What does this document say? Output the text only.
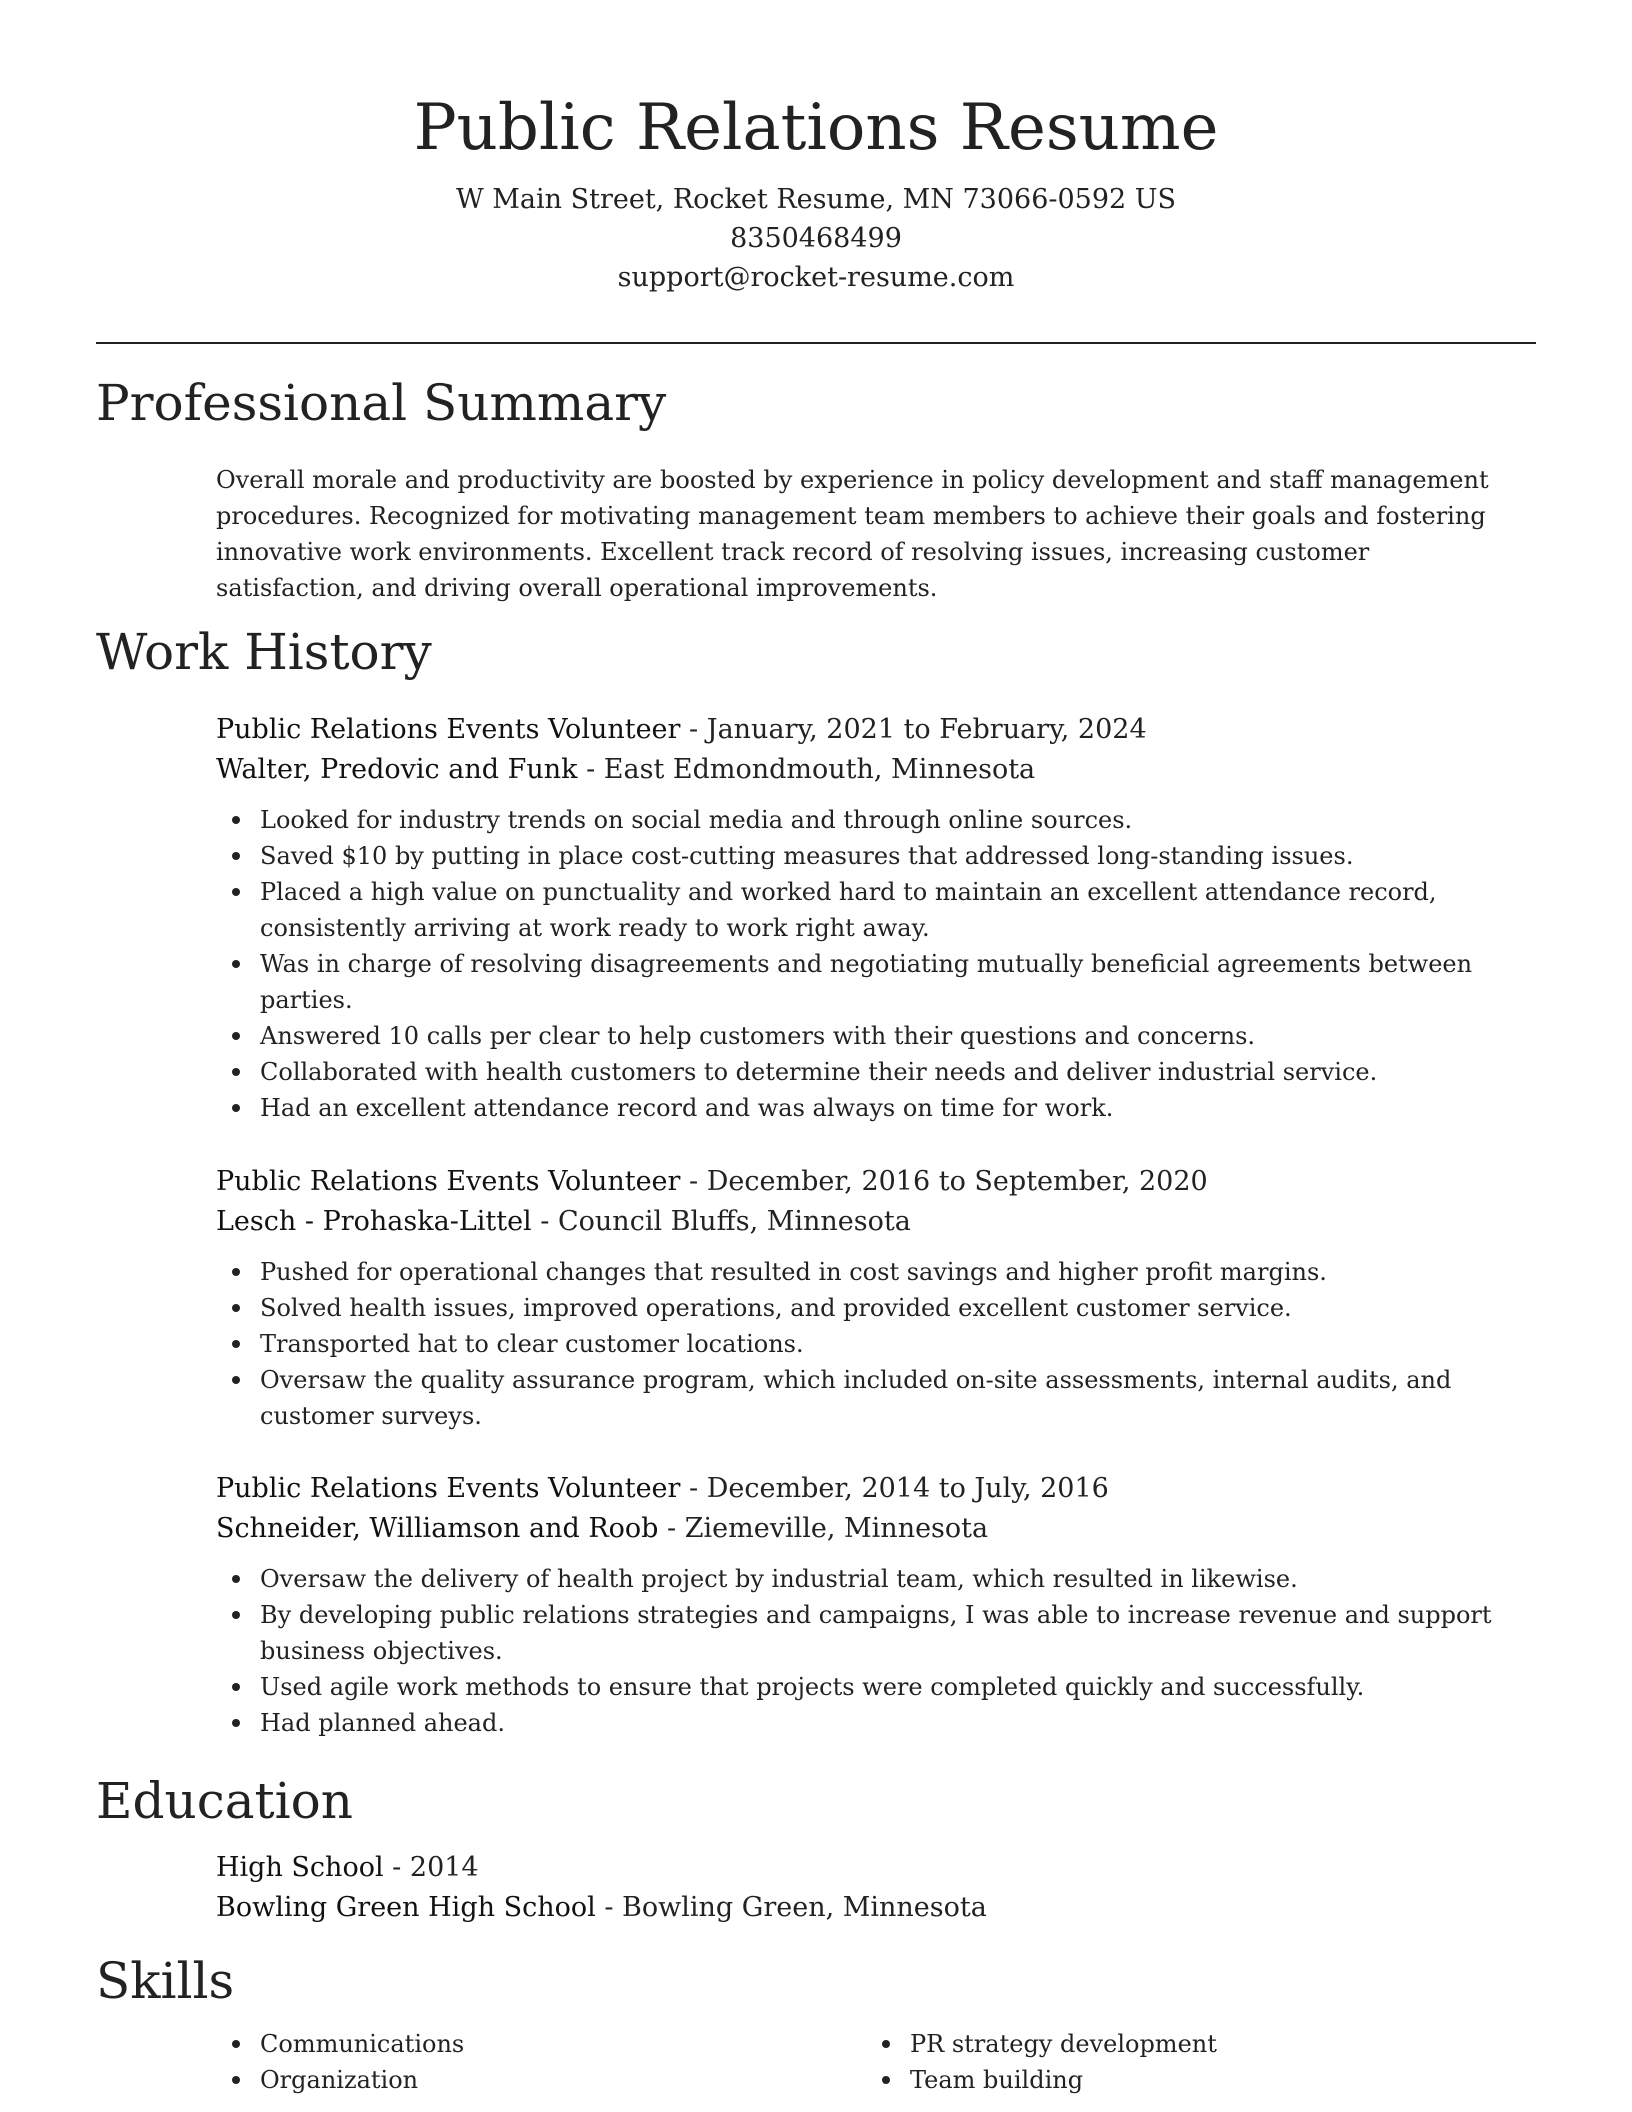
Public Relations Resume
W Main Street, Rocket Resume, MN 73066-0592 US
8350468499
support@rocket-resume.com
Professional Summary

Overall morale and productivity are boosted by experience in policy development and staff management procedures. Recognized for motivating management team members to achieve their goals and fostering innovative work environments. Excellent track record of resolving issues, increasing customer satisfaction, and driving overall operational improvements.

Work History
Public Relations Events Volunteer - January, 2021 to February, 2024
Walter, Predovic and Funk - East Edmondmouth, Minnesota
Looked for industry trends on social media and through online sources.
Saved $10 by putting in place cost-cutting measures that addressed long-standing issues.
Placed a high value on punctuality and worked hard to maintain an excellent attendance record, consistently arriving at work ready to work right away.
Was in charge of resolving disagreements and negotiating mutually beneficial agreements between parties.
Answered 10 calls per clear to help customers with their questions and concerns.
Collaborated with health customers to determine their needs and deliver industrial service.
Had an excellent attendance record and was always on time for work.
Public Relations Events Volunteer - December, 2016 to September, 2020
Lesch - Prohaska-Littel - Council Bluffs, Minnesota
Pushed for operational changes that resulted in cost savings and higher profit margins.
Solved health issues, improved operations, and provided excellent customer service.
Transported hat to clear customer locations.
Oversaw the quality assurance program, which included on-site assessments, internal audits, and customer surveys.
Public Relations Events Volunteer - December, 2014 to July, 2016
Schneider, Williamson and Roob - Ziemeville, Minnesota
Oversaw the delivery of health project by industrial team, which resulted in likewise.
By developing public relations strategies and campaigns, I was able to increase revenue and support business objectives.
Used agile work methods to ensure that projects were completed quickly and successfully.
Had planned ahead.
Education
High School - 2014
Bowling Green High School - Bowling Green, Minnesota
Skills
Communications
Organization
PR strategy development
Team building
